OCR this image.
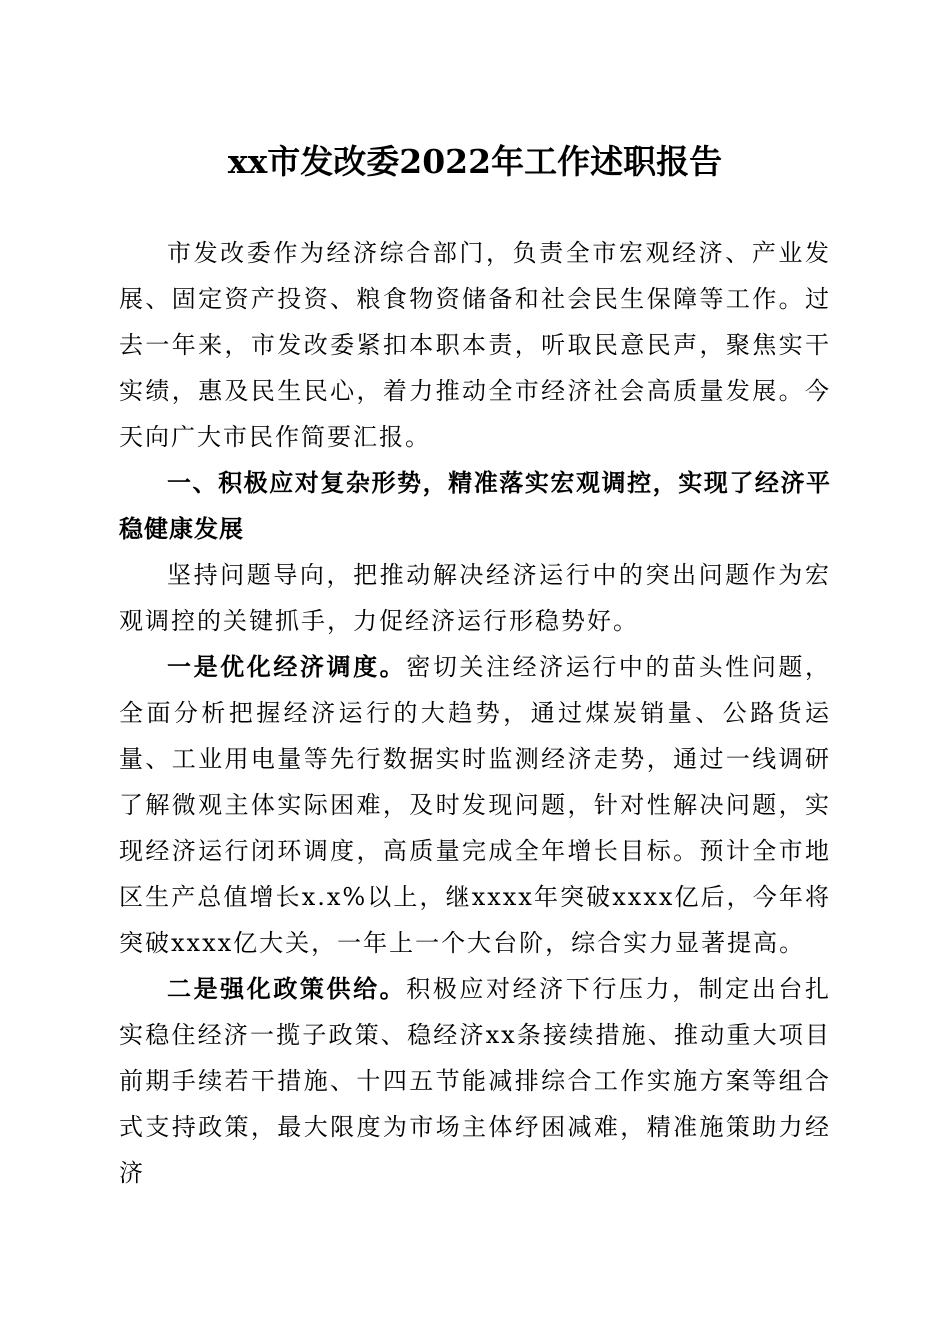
xx市发改委2022年工作述职报告

市发改委作为经济综合部门，负责全市宏观经济、产业发展、固定资产投资、粮食物资储备和社会民生保障等工作。过去一年来，市发改委紧扣本职本责，听取民意民声，聚焦实干实绩，惠及民生民心，着力推动全市经济社会高质量发展。今天向广大市民作简要汇报。

一、积极应对复杂形势，精准落实宏观调控，实现了经济平稳健康发展

坚持问题导向，把推动解决经济运行中的突出问题作为宏观调控的关键抓手，力促经济运行形稳势好。

一是优化经济调度。密切关注经济运行中的苗头性问题，全面分析把握经济运行的大趋势，通过煤炭销量、公路货运量、工业用电量等先行数据实时监测经济走势，通过一线调研了解微观主体实际困难，及时发现问题，针对性解决问题，实现经济运行闭环调度，高质量完成全年增长目标。预计全市地区生产总值增长x.x%以上，继xxxx年突破xxxx亿后，今年将突破xxxx亿大关，一年上一个大台阶，综合实力显著提高。

二是强化政策供给。积极应对经济下行压力，制定出台扎实稳住经济一揽子政策、稳经济xx条接续措施、推动重大项目前期手续若干措施、十四五节能减排综合工作实施方案等组合式支持政策，最大限度为市场主体纾困减难，精准施策助力经济
